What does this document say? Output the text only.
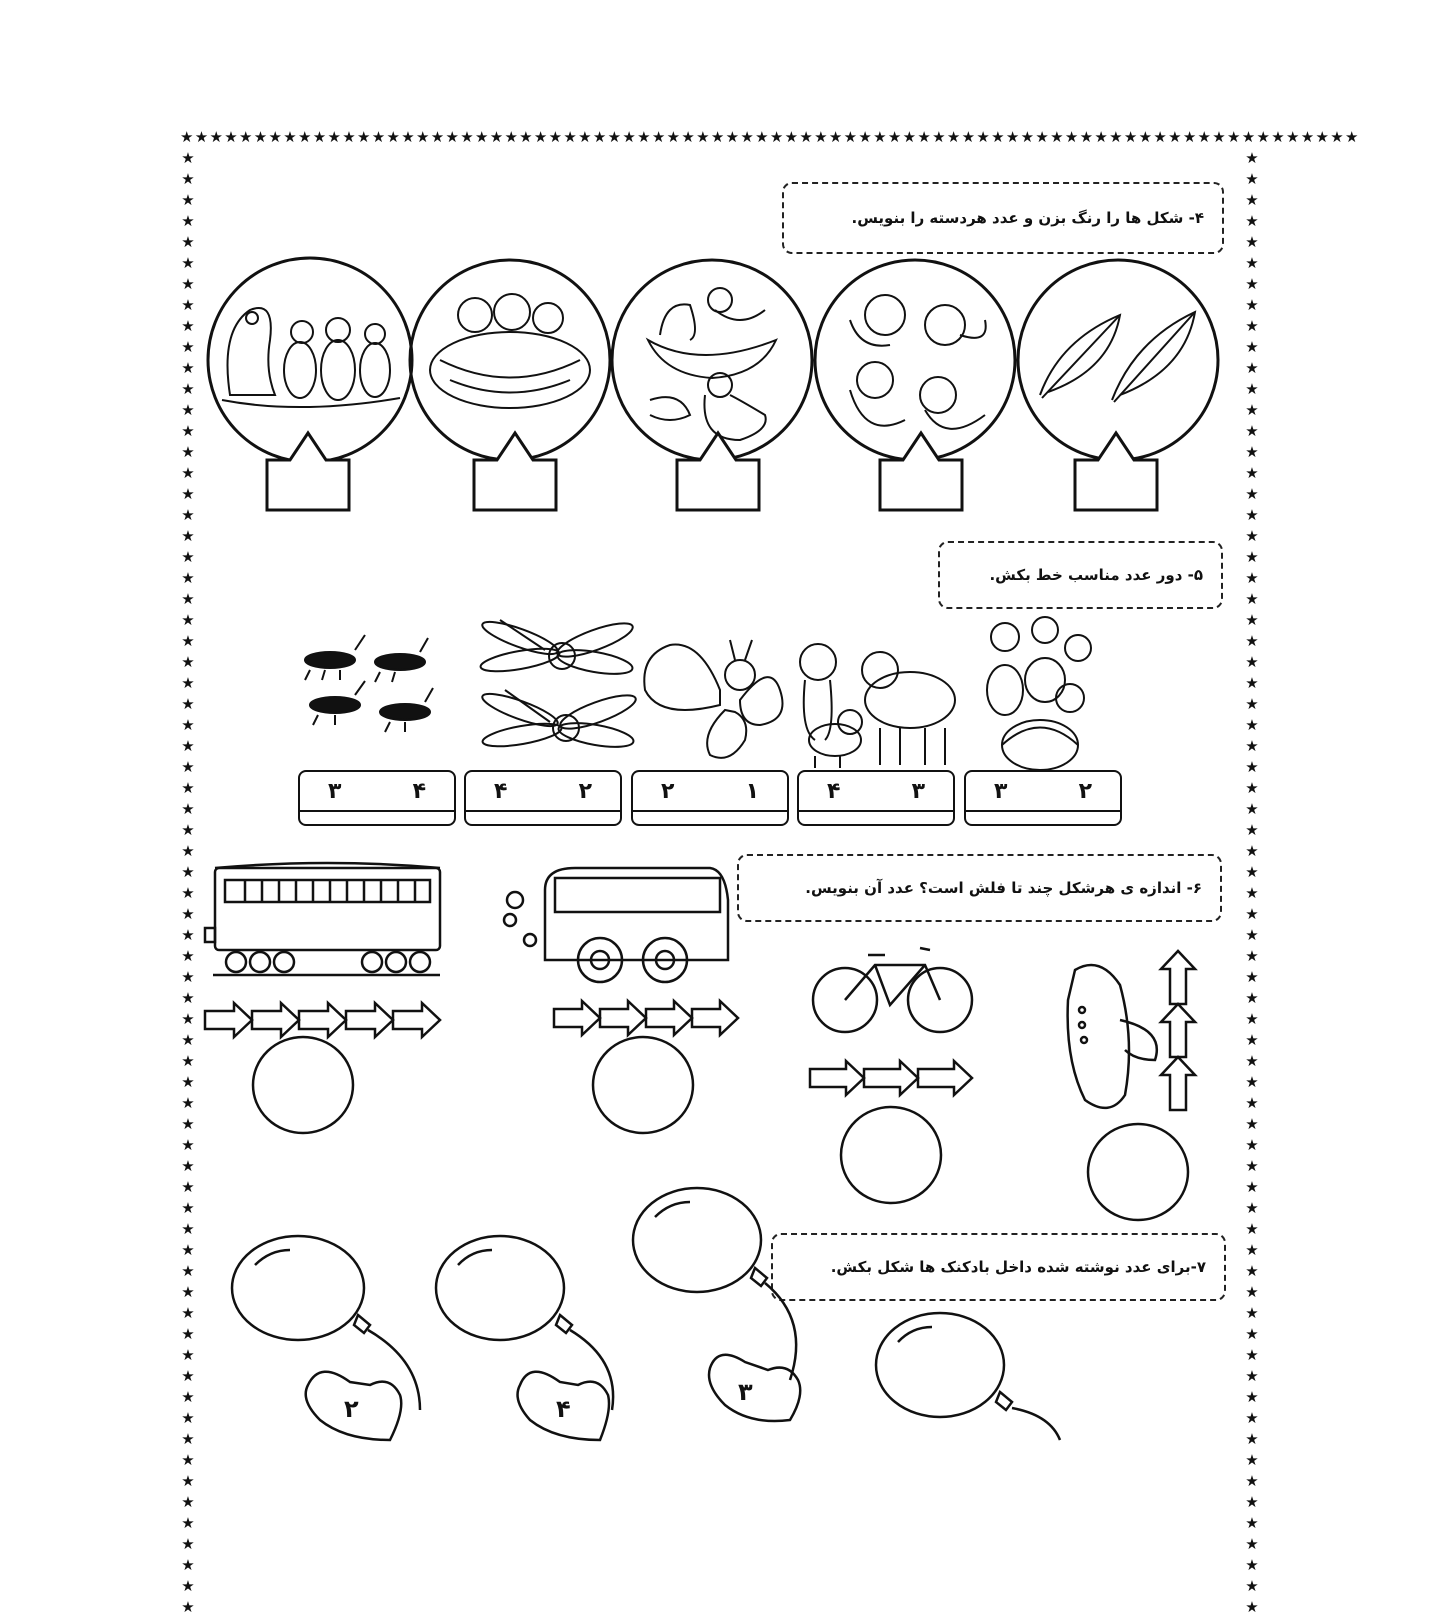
★★★★★★★★★★★★★★★★★★★★★★★★★★★★★★★★★★★★★★★★★★★★★★★★★★★★★★★★★★★★★★★★★★★★★★★★★★★★★★★★
★
★
★
★
★
★
★
★
★
★
★
★
★
★
★
★
★
★
★
★
★
★
★
★
★
★
★
★
★
★
★
★
★
★
★
★
★
★
★
★
★
★
★
★
★
★
★
★
★
★
★
★
★
★
★
★
★
★
★
★
★
★
★
★
★
★
★
★
★
★
★
★
★
★
★
★
★
★
★
★
★
★
★
★
★
★
★
★
★
★
★
★
★
★
★
★
★
★
★
★
★
★
★
★
★
★
★
★
★
★
★
★
★
★
★
★
★
★
★
★
★
★
★
★
★
★
★
★
★
★
★
★
★
★
★
★
★
★
★
★
۴- شکل ها را رنگ بزن و عدد هردسته را بنویس.
۵- دور عدد مناسب خط بکش.
۴
۳	۲
۴	۱
۲	۳
۴	۲
۳
۶- اندازه ی هرشکل چند تا فلش است؟ عدد آن بنویس.
۷-برای عدد نوشته شده داخل بادکنک ها شکل بکش.
۲	۴
۳
